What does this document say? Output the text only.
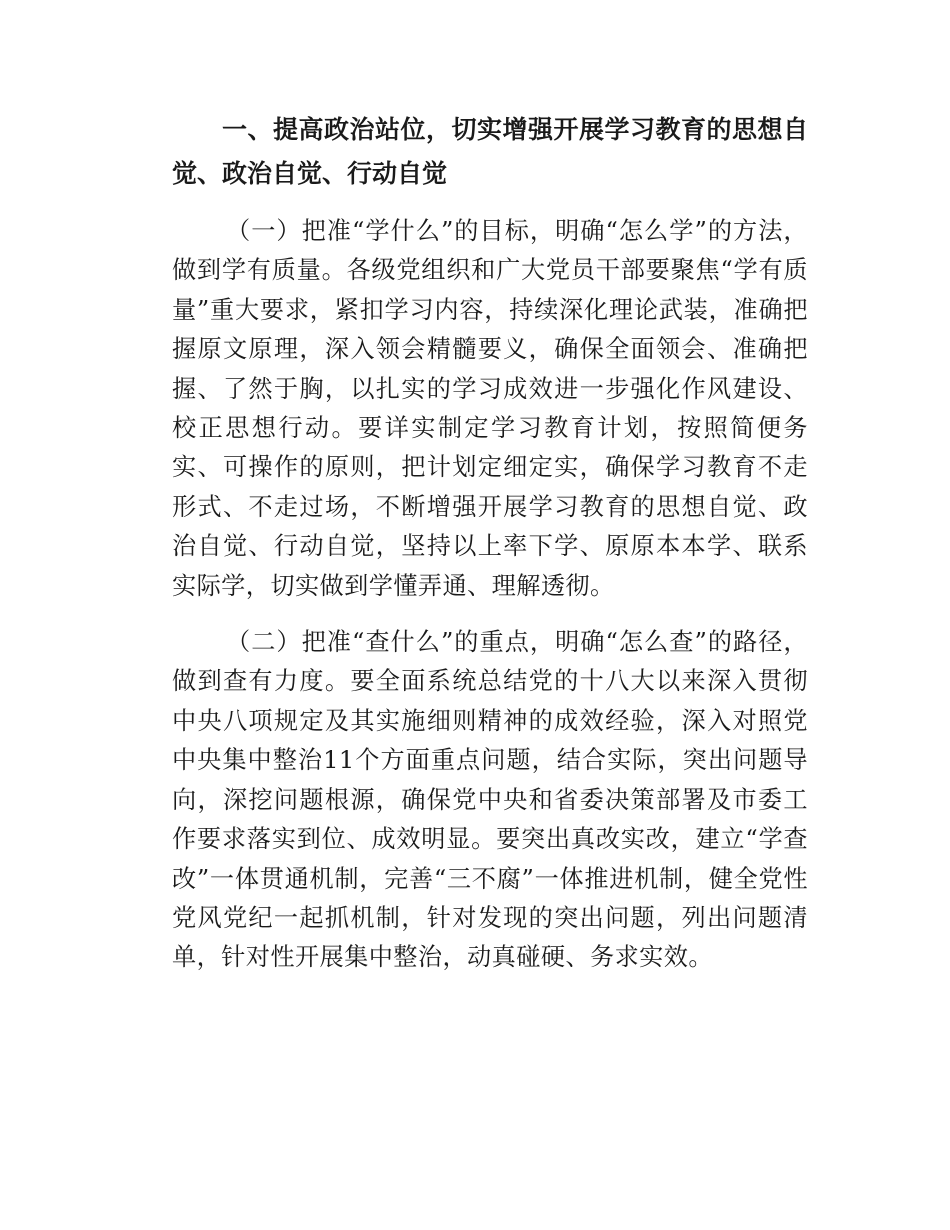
一、提高政治站位，切实增强开展学习教育的思想自觉、政治自觉、行动自觉

（一）把准“学什么”的目标，明确“怎么学”的方法，做到学有质量。各级党组织和广大党员干部要聚焦“学有质量”重大要求，紧扣学习内容，持续深化理论武装，准确把握原文原理，深入领会精髓要义，确保全面领会、准确把握、了然于胸，以扎实的学习成效进一步强化作风建设、校正思想行动。要详实制定学习教育计划，按照简便务实、可操作的原则，把计划定细定实，确保学习教育不走形式、不走过场，不断增强开展学习教育的思想自觉、政治自觉、行动自觉，坚持以上率下学、原原本本学、联系实际学，切实做到学懂弄通、理解透彻。

（二）把准“查什么”的重点，明确“怎么查”的路径，做到查有力度。要全面系统总结党的十八大以来深入贯彻中央八项规定及其实施细则精神的成效经验，深入对照党中央集中整治11个方面重点问题，结合实际，突出问题导向，深挖问题根源，确保党中央和省委决策部署及市委工作要求落实到位、成效明显。要突出真改实改，建立“学查改”一体贯通机制，完善“三不腐”一体推进机制，健全党性党风党纪一起抓机制，针对发现的突出问题，列出问题清单，针对性开展集中整治，动真碰硬、务求实效。
